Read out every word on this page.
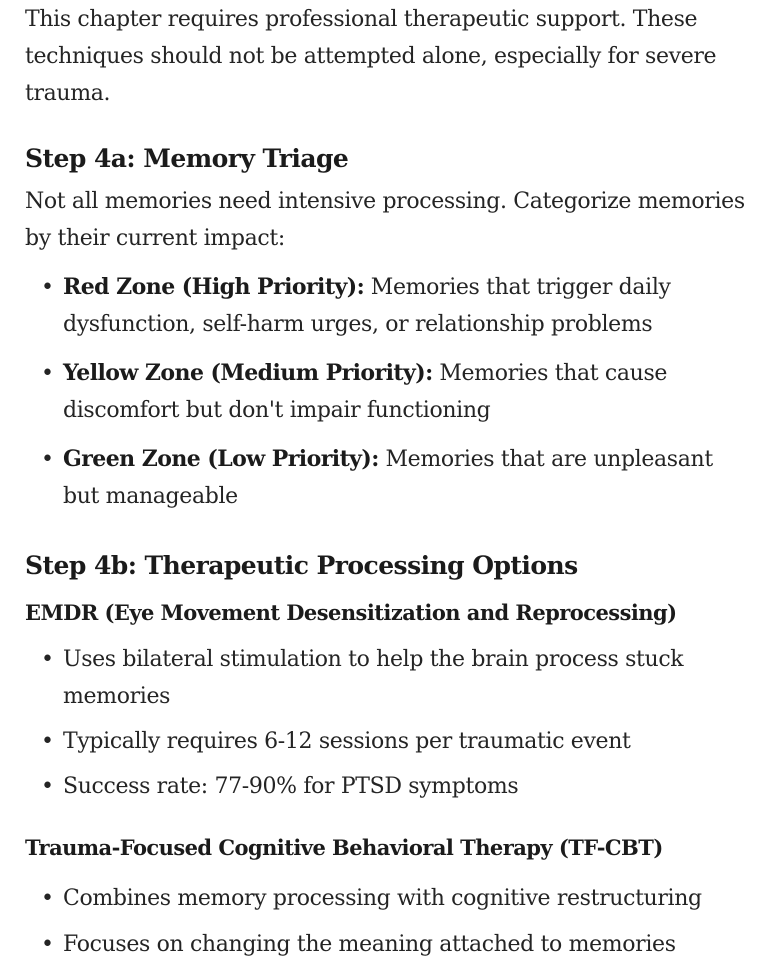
This chapter requires professional therapeutic support. These techniques should not be attempted alone, especially for severe trauma.

Step 4a: Memory Triage

Not all memories need intensive processing. Categorize memories by their current impact:

• Red Zone (High Priority): Memories that trigger daily dysfunction, self-harm urges, or relationship problems
• Yellow Zone (Medium Priority): Memories that cause discomfort but don't impair functioning
• Green Zone (Low Priority): Memories that are unpleasant but manageable
Step 4b: Therapeutic Processing Options
EMDR (Eye Movement Desensitization and Reprocessing)
• Uses bilateral stimulation to help the brain process stuck memories
• Typically requires 6-12 sessions per traumatic event
• Success rate: 77-90% for PTSD symptoms
Trauma-Focused Cognitive Behavioral Therapy (TF-CBT)
• Combines memory processing with cognitive restructuring
• Focuses on changing the meaning attached to memories
